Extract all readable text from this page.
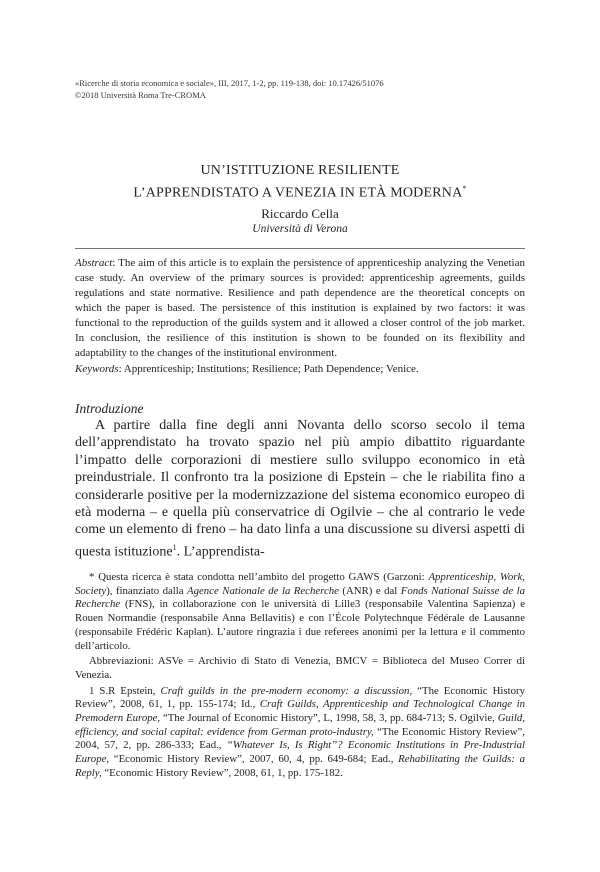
«Ricerche di storia economica e sociale», III, 2017, 1-2, pp. 119-138, doi: 10.17426/51076
©2018 Università Roma Tre-CROMA
UN’ISTITUZIONE RESILIENTE
L’APPRENDISTATO A VENEZIA IN ETÀ MODERNA*
Riccardo Cella
Università di Verona

Abstract: The aim of this article is to explain the persistence of apprenticeship analyzing the Venetian case study. An overview of the primary sources is provided: apprenticeship agreements, guilds regulations and state normative. Resilience and path dependence are the theoretical concepts on which the paper is based. The persistence of this institution is explained by two factors: it was functional to the reproduction of the guilds system and it allowed a closer control of the job market. In conclusion, the resilience of this institution is shown to be founded on its flexibility and adaptability to the changes of the institutional environment.

Keywords: Apprenticeship; Institutions; Resilience; Path Dependence; Venice.

Introduzione

A partire dalla fine degli anni Novanta dello scorso secolo il tema dell’apprendistato ha trovato spazio nel più ampio dibattito riguardante l’impatto delle corporazioni di mestiere sullo sviluppo economico in età preindustriale. Il confronto tra la posizione di Epstein – che le riabilita fino a considerarle positive per la modernizzazione del sistema economico europeo di età moderna – e quella più conservatrice di Ogilvie – che al contrario le vede come un elemento di freno – ha dato linfa a una discussione su diversi aspetti di questa istituzione$^1$. L’apprendista-

* Questa ricerca è stata condotta nell’ambito del progetto GAWS (Garzoni: Apprenticeship, Work, Society), finanziato dalla Agence Nationale de la Recherche (ANR) e dal Fonds National Suisse de la Recherche (FNS), in collaborazione con le università di Lille3 (responsabile Valentina Sapienza) e Rouen Normandie (responsabile Anna Bellavitis) e con l’École Polytechnque Fédérale de Lausanne (responsabile Frédéric Kaplan). L’autore ringrazia i due referees anonimi per la lettura e il commento dell’articolo.

Abbreviazioni: ASVe = Archivio di Stato di Venezia, BMCV = Biblioteca del Museo Correr di Venezia.

1 S.R Epstein, Craft guilds in the pre-modern economy: a discussion, “The Economic History Review”, 2008, 61, 1, pp. 155-174; Id., Craft Guilds, Apprenticeship and Technological Change in Premodern Europe, “The Journal of Economic History”, L, 1998, 58, 3, pp. 684-713; S. Ogilvie, Guild, efficiency, and social capital: evidence from German proto-industry, “The Economic History Review”, 2004, 57, 2, pp. 286-333; Ead., “Whatever Is, Is Right”? Economic Institutions in Pre-Industrial Europe, “Economic History Review”, 2007, 60, 4, pp. 649-684; Ead., Rehabilitating the Guilds: a Reply, “Economic History Review”, 2008, 61, 1, pp. 175-182.
